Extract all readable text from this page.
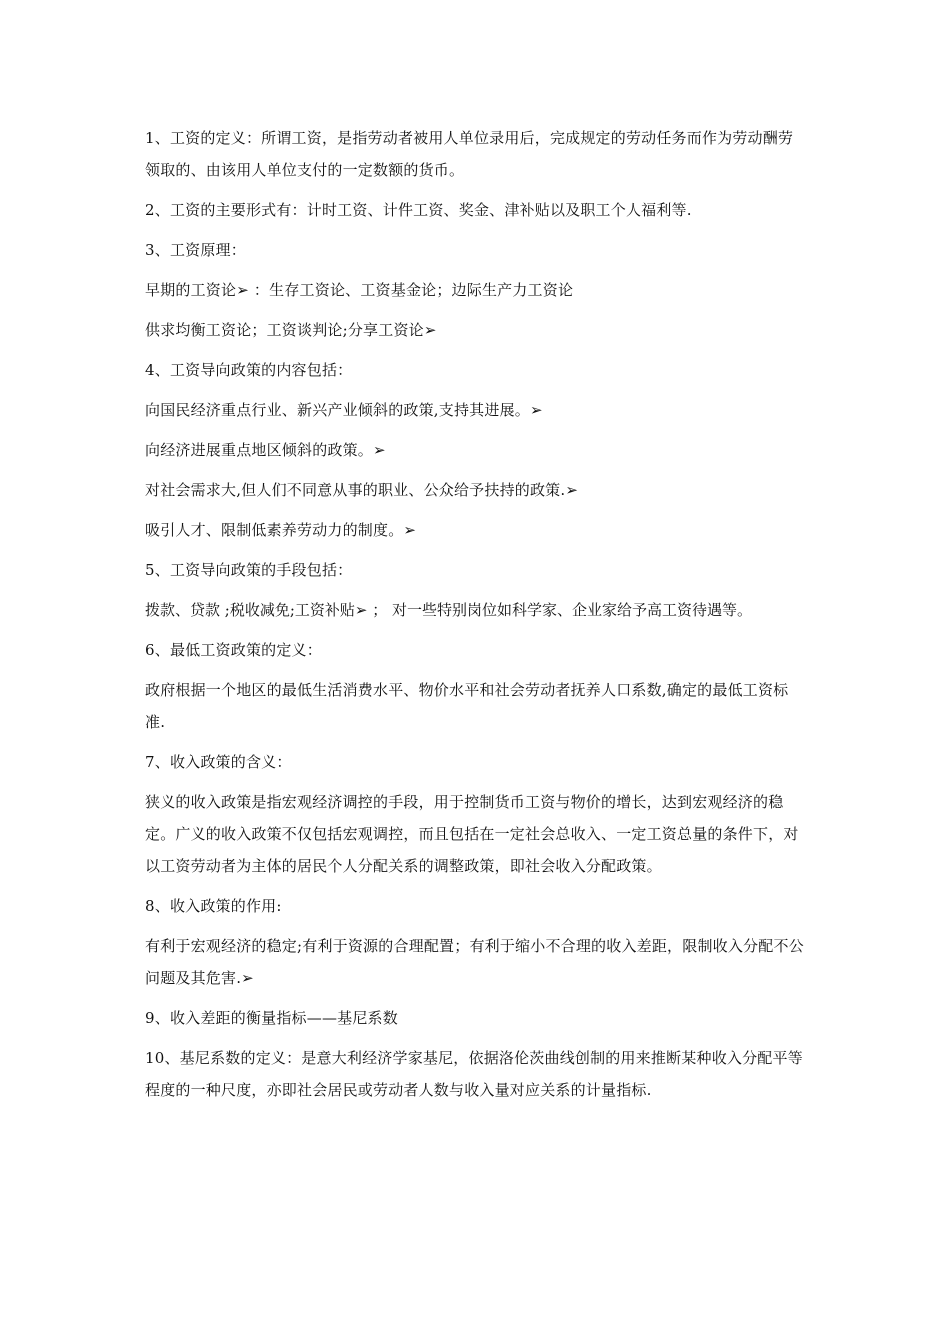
1、工资的定义：所谓工资，是指劳动者被用人单位录用后，完成规定的劳动任务而作为劳动酬劳领取的、由该用人单位支付的一定数额的货币。

2、工资的主要形式有：计时工资、计件工资、奖金、津补贴以及职工个人福利等.

3、工资原理：

早期的工资论➢ ：生存工资论、工资基金论；边际生产力工资论

供求均衡工资论；工资谈判论;分享工资论➢

4、工资导向政策的内容包括：

向国民经济重点行业、新兴产业倾斜的政策,支持其进展。➢

向经济进展重点地区倾斜的政策。➢

对社会需求大,但人们不同意从事的职业、公众给予扶持的政策.➢

吸引人才、限制低素养劳动力的制度。➢

5、工资导向政策的手段包括：

拨款、贷款 ;税收减免;工资补贴➢ ； 对一些特别岗位如科学家、企业家给予高工资待遇等。

6、最低工资政策的定义：

政府根据一个地区的最低生活消费水平、物价水平和社会劳动者抚养人口系数,确定的最低工资标准.

7、收入政策的含义：

狭义的收入政策是指宏观经济调控的手段，用于控制货币工资与物价的增长，达到宏观经济的稳定。广义的收入政策不仅包括宏观调控，而且包括在一定社会总收入、一定工资总量的条件下，对以工资劳动者为主体的居民个人分配关系的调整政策，即社会收入分配政策。

8、收入政策的作用:

有利于宏观经济的稳定;有利于资源的合理配置；有利于缩小不合理的收入差距，限制收入分配不公问题及其危害.➢

9、收入差距的衡量指标——基尼系数

10、基尼系数的定义：是意大利经济学家基尼，依据洛伦茨曲线创制的用来推断某种收入分配平等程度的一种尺度，亦即社会居民或劳动者人数与收入量对应关系的计量指标.
